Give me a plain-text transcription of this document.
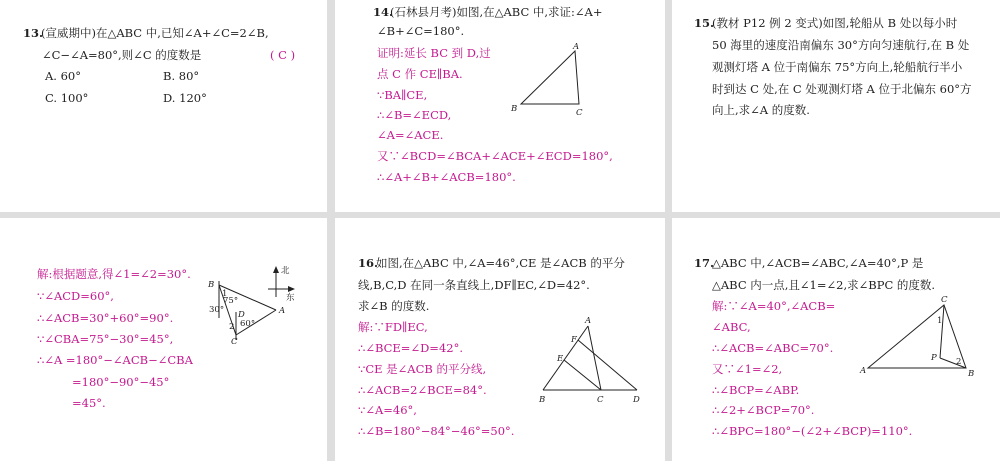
13.
(宣威期中)在△ABC 中,已知∠A+∠C=2∠B,
∠C−∠A=80°,则∠C 的度数是	( C )
A. 60°	B. 80°
C. 100°	D. 120°
14.
(石林县月考)如图,在△ABC 中,求证:∠A+
∠B+∠C=180°.
证明:延长 BC 到 D,过
点 C 作 CE∥BA.
∵BA∥CE,
∴∠B=∠ECD,
∠A=∠ACE.
又∵∠BCD=∠BCA+∠ACE+∠ECD=180°,
∴∠A+∠B+∠ACB=180°.
A
B	C
15.
(教材 P12 例 2 变式)如图,轮船从 B 处以每小时
50 海里的速度沿南偏东 30°方向匀速航行,在 B 处
观测灯塔 A 位于南偏东 75°方向上,轮船航行半小
时到达 C 处,在 C 处观测灯塔 A 位于北偏东 60°方
向上,求∠A 的度数.
解:根据题意,得∠1=∠2=30°.
∵∠ACD=60°,
∴∠ACB=30°+60°=90°.
∵∠CBA=75°−30°=45°,
∴∠A =180°−∠ACB−∠CBA
=180°−90°−45°
=45°.
北
东
B
A
C
D
1
2
75°
30°
60°
16.
如图,在△ABC 中,∠A=46°,CE 是∠ACB 的平分
线,B,C,D 在同一条直线上,DF∥EC,∠D=42°.
求∠B 的度数.
解:∵FD∥EC,
∴∠BCE=∠D=42°.
∵CE 是∠ACB 的平分线,
∴∠ACB=2∠BCE=84°.
∵∠A=46°,
∴∠B=180°−84°−46°=50°.
A
F
E
B	C	D
17.
△ABC 中,∠ACB=∠ABC,∠A=40°,P 是
△ABC 内一点,且∠1=∠2,求∠BPC 的度数.
解:∵∠A=40°,∠ACB=
∠ABC,
∴∠ACB=∠ABC=70°.
又∵∠1=∠2,
∴∠BCP=∠ABP.
∴∠2+∠BCP=70°.
∴∠BPC=180°−(∠2+∠BCP)=110°.
C
A	B
P
1
2
